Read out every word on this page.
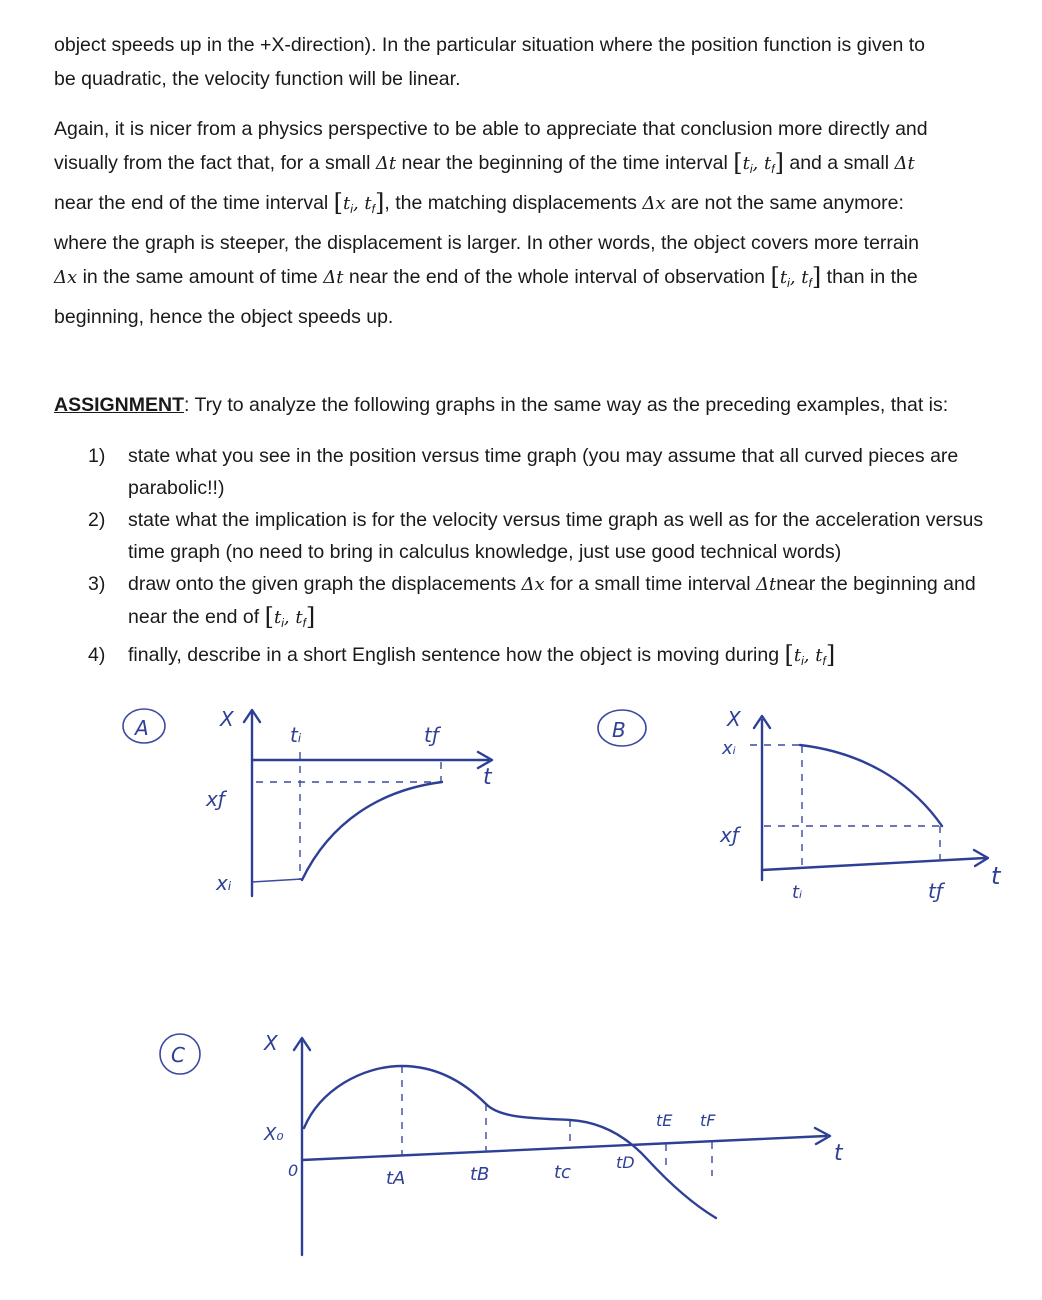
object speeds up in the +X-direction). In the particular situation where the position function is given to
be quadratic, the velocity function will be linear.
Again, it is nicer from a physics perspective to be able to appreciate that conclusion more directly and
visually from the fact that, for a small Δt near the beginning of the time interval [$t_i$, $t_f$] and a small Δt
near the end of the time interval [$t_i$, $t_f$], the matching displacements Δx are not the same anymore:
where the graph is steeper, the displacement is larger. In other words, the object covers more terrain
Δx in the same amount of time Δt near the end of the whole interval of observation [$t_i$, $t_f$] than in the
beginning, hence the object speeds up.
ASSIGNMENT: Try to analyze the following graphs in the same way as the preceding examples, that is:
1) state what you see in the position versus time graph (you may assume that all curved pieces are parabolic!!)
2) state what the implication is for the velocity versus time graph as well as for the acceleration versus time graph (no need to bring in calculus knowledge, just use good technical words)
3) draw onto the given graph the displacements Δx for a small time interval Δtnear the beginning and near the end of [$t_i$, $t_f$]
4) finally, describe in a short English sentence how the object is moving during [$t_i$, $t_f$]
A	X
t
tᵢ	tƒ
xƒ
xᵢ
B	X
t
xᵢ
xƒ
tᵢ	tƒ
C	X
t
X₀
0	tA	tB	tc	tD
tE tF
